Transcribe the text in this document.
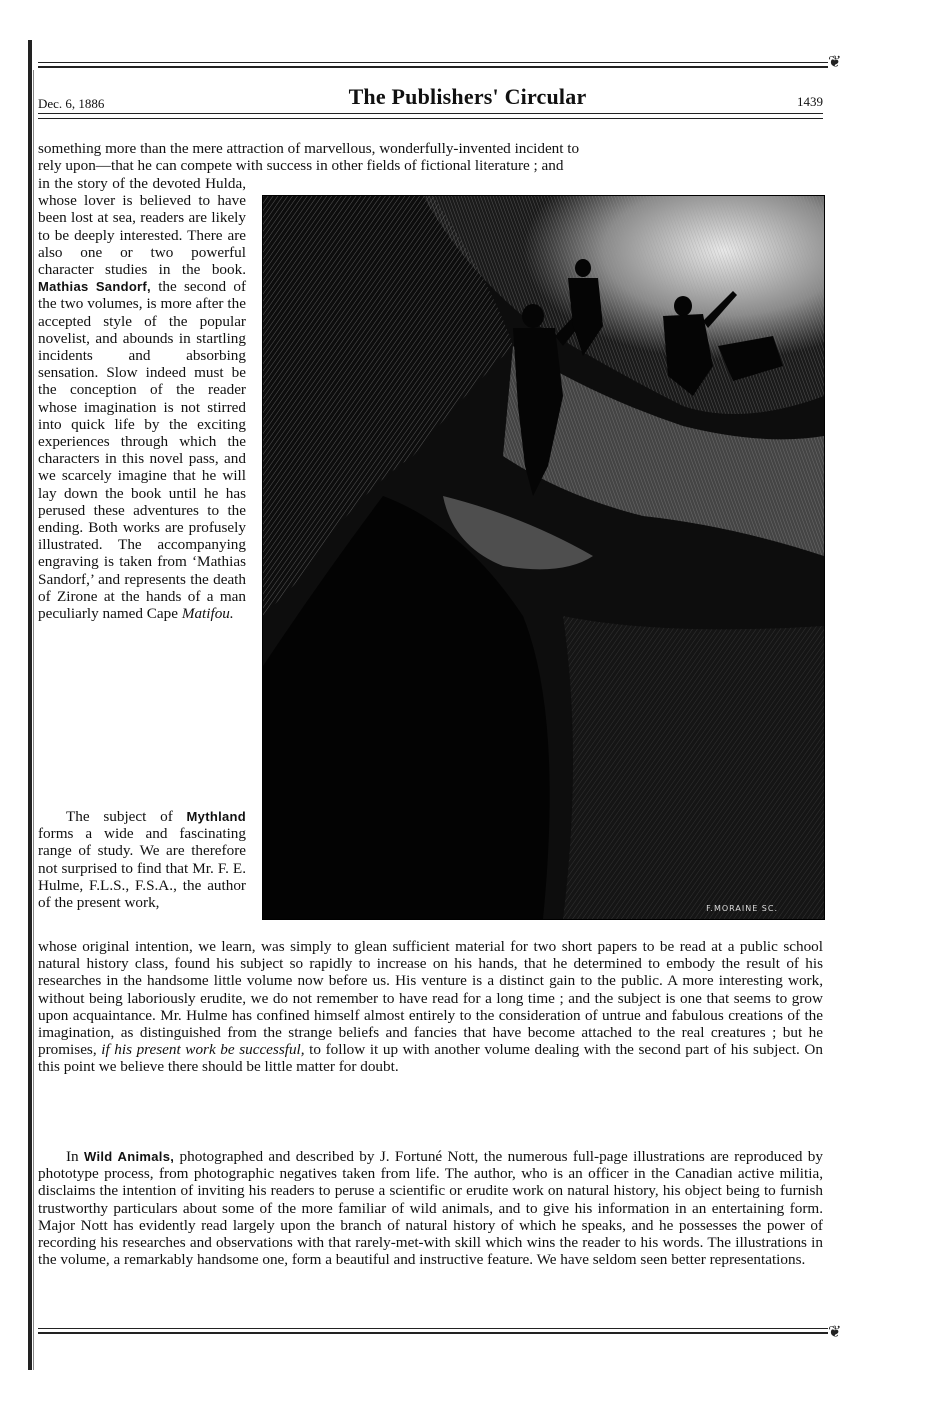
❦
Dec. 6, 1886	The Publishers' Circular	1439
something more than the mere attraction of marvellous, wonderfully-invented incident to
rely upon—that he can compete with success in other fields of fictional literature ; and
in the story of the devoted Hulda, whose lover is believed to have been lost at sea, readers are likely to be deeply interested. There are also one or two powerful character studies in the book. Mathias Sandorf, the second of the two volumes, is more after the accepted style of the popular novelist, and abounds in startling incidents and absorbing sensation. Slow indeed must be the conception of the reader whose imagination is not stirred into quick life by the exciting experiences through which the characters in this novel pass, and we scarcely imagine that he will lay down the book until he has perused these adventures to the ending. Both works are profusely illustrated. The accompanying engraving is taken from ‘Mathias Sandorf,’ and represents the death of Zirone at the hands of a man peculiarly named Cape Matifou.
The subject of Mythland forms a wide and fascinating range of study. We are therefore not surprised to find that Mr. F. E. Hulme, F.L.S., F.S.A., the author of the present work,	F.MORAINE SC.
whose original intention, we learn, was simply to glean sufficient material for two short papers to be read at a public school natural history class, found his subject so rapidly to increase on his hands, that he determined to embody the result of his researches in the handsome little volume now before us. His venture is a distinct gain to the public. A more interesting work, without being laboriously erudite, we do not remember to have read for a long time ; and the subject is one that seems to grow upon acquaintance. Mr. Hulme has confined himself almost entirely to the consideration of untrue and fabulous creations of the imagination, as distinguished from the strange beliefs and fancies that have become attached to the real creatures ; but he promises, if his present work be successful, to follow it up with another volume dealing with the second part of his subject. On this point we believe there should be little matter for doubt.
In Wild Animals, photographed and described by J. Fortuné Nott, the numerous full-page illustrations are reproduced by phototype process, from photographic negatives taken from life. The author, who is an officer in the Canadian active militia, disclaims the intention of inviting his readers to peruse a scientific or erudite work on natural history, his object being to furnish trustworthy particulars about some of the more familiar of wild animals, and to give his information in an entertaining form. Major Nott has evidently read largely upon the branch of natural history of which he speaks, and he possesses the power of recording his researches and observations with that rarely-met-with skill which wins the reader to his words. The illustrations in the volume, a remarkably handsome one, form a beautiful and instructive feature. We have seldom seen better representations.
❦
